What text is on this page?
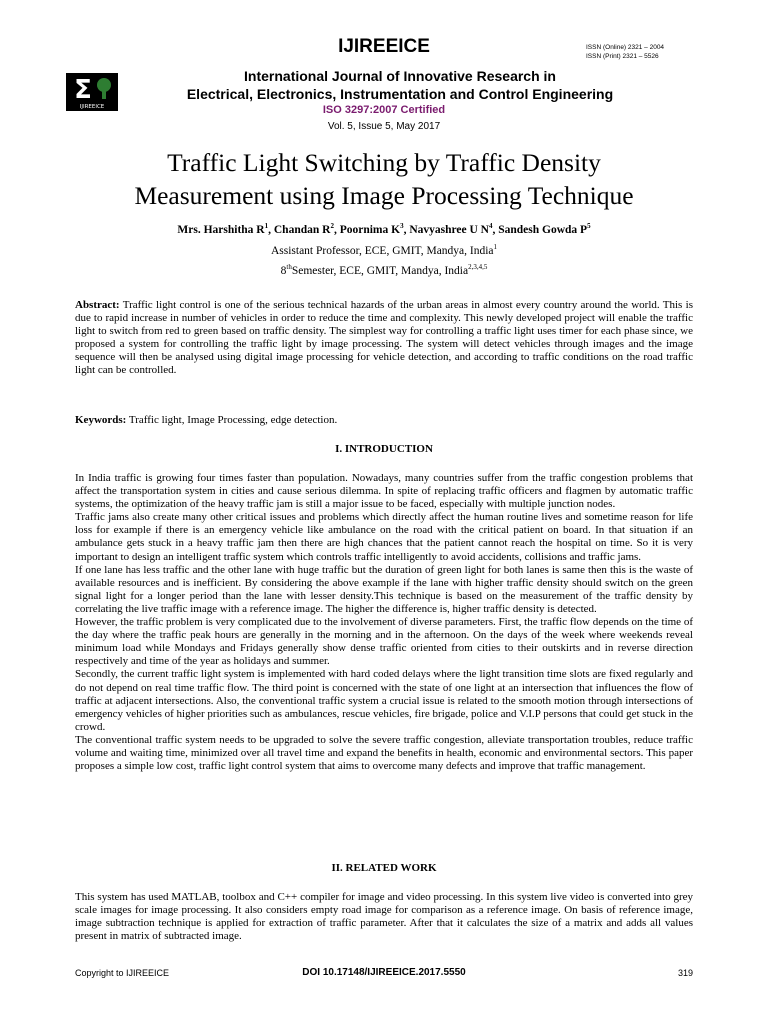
IJIREEICE	ISSN (Online) 2321 – 2004
ISSN (Print) 2321 – 5526
Σ
IJIREEICE
International Journal of Innovative Research in
Electrical, Electronics, Instrumentation and Control Engineering
ISO 3297:2007 Certified
Vol. 5, Issue 5, May 2017
Traffic Light Switching by Traffic Density
Measurement using Image Processing Technique
Mrs. Harshitha $R^1$, Chandan $R^2$, Poornima $K^3$, Navyashree U $N^4$, Sandesh Gowda $P^5$
Assistant Professor, ECE, GMIT, Mandya, India$^1$
8thSemester, ECE, GMIT, Mandya, India$^{2,3,4,5}$

Abstract: Traffic light control is one of the serious technical hazards of the urban areas in almost every country around the world. This is due to rapid increase in number of vehicles in order to reduce the time and complexity. This newly developed project will enable the traffic light to switch from red to green based on traffic density. The simplest way for controlling a traffic light uses timer for each phase since, we proposed a system for controlling the traffic light by image processing. The system will detect vehicles through images and the image sequence will then be analysed using digital image processing for vehicle detection, and according to traffic conditions on the road traffic light can be controlled.

Keywords: Traffic light, Image Processing, edge detection.

I. INTRODUCTION

In India traffic is growing four times faster than population. Nowadays, many countries suffer from the traffic congestion problems that affect the transportation system in cities and cause serious dilemma. In spite of replacing traffic officers and flagmen by automatic traffic systems, the optimization of the heavy traffic jam is still a major issue to be faced, especially with multiple junction nodes.

Traffic jams also create many other critical issues and problems which directly affect the human routine lives and sometime reason for life loss for example if there is an emergency vehicle like ambulance on the road with the critical patient on board. In that situation if an ambulance gets stuck in a heavy traffic jam then there are high chances that the patient cannot reach the hospital on time. So it is very important to design an intelligent traffic system which controls traffic intelligently to avoid accidents, collisions and traffic jams.

If one lane has less traffic and the other lane with huge traffic but the duration of green light for both lanes is same then this is the waste of available resources and is inefficient. By considering the above example if the lane with higher traffic density should switch on the green signal light for a longer period than the lane with lesser density.This technique is based on the measurement of the traffic density by correlating the live traffic image with a reference image. The higher the difference is, higher traffic density is detected.

However, the traffic problem is very complicated due to the involvement of diverse parameters. First, the traffic flow depends on the time of the day where the traffic peak hours are generally in the morning and in the afternoon. On the days of the week where weekends reveal minimum load while Mondays and Fridays generally show dense traffic oriented from cities to their outskirts and in reverse direction respectively and time of the year as holidays and summer.

Secondly, the current traffic light system is implemented with hard coded delays where the light transition time slots are fixed regularly and do not depend on real time traffic flow. The third point is concerned with the state of one light at an intersection that influences the flow of traffic at adjacent intersections. Also, the conventional traffic system a crucial issue is related to the smooth motion through intersections of emergency vehicles of higher priorities such as ambulances, rescue vehicles, fire brigade, police and V.I.P persons that could get stuck in the crowd.

The conventional traffic system needs to be upgraded to solve the severe traffic congestion, alleviate transportation troubles, reduce traffic volume and waiting time, minimized over all travel time and expand the benefits in health, economic and environmental sectors. This paper proposes a simple low cost, traffic light control system that aims to overcome many defects and improve that traffic management.

II. RELATED WORK

This system has used MATLAB, toolbox and C++ compiler for image and video processing. In this system live video is converted into grey scale images for image processing. It also considers empty road image for comparison as a reference image. On basis of reference image, image subtraction technique is applied for extraction of traffic parameter. After that it calculates the size of a matrix and adds all values present in matrix of subtracted image.

Copyright to IJIREEICE	DOI 10.17148/IJIREEICE.2017.5550	319
